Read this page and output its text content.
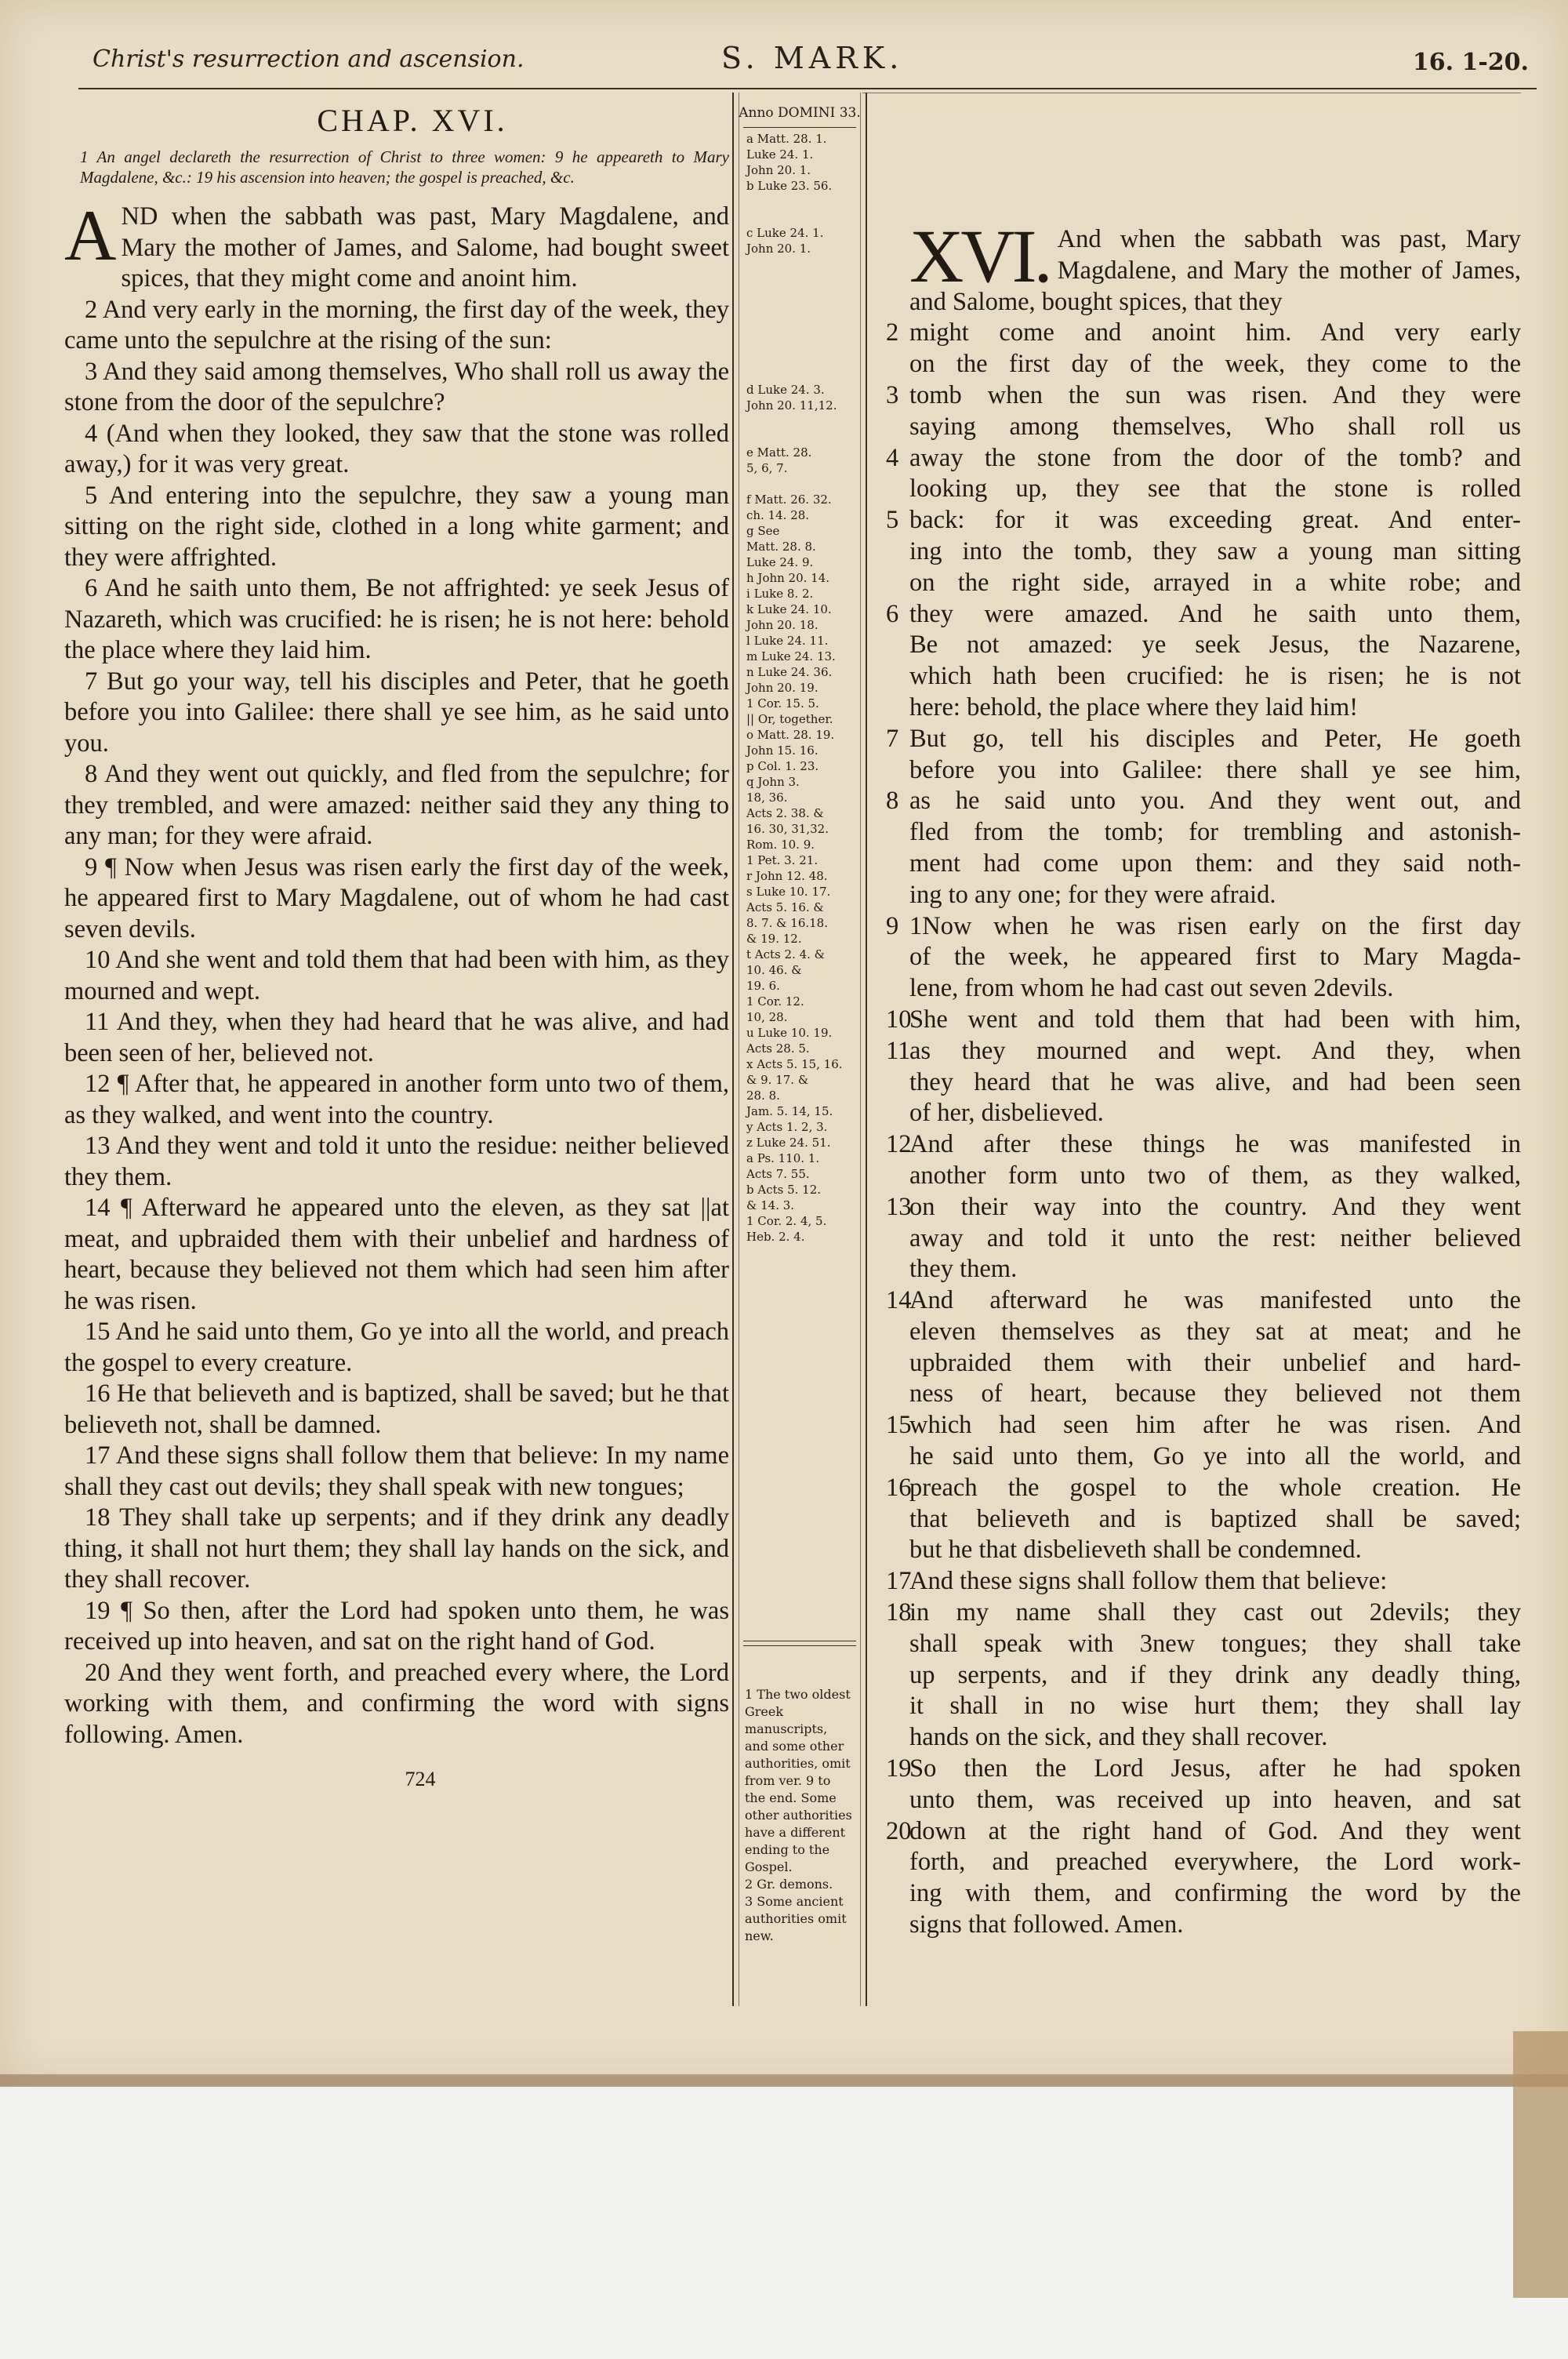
Christ's resurrection and ascension.	S. MARK.	16. 1-20.
CHAP. XVI.

1 An angel declareth the resurrection of Christ to three women: 9 he appeareth to Mary Magdalene, &c.: 19 his ascension into heaven; the gospel is preached, &c.

AND when the sabbath was past, Mary Magdalene, and Mary the mother of James, and Salome, had bought sweet spices, that they might come and anoint him.

2 And very early in the morning, the first day of the week, they came unto the sepulchre at the rising of the sun:

3 And they said among themselves, Who shall roll us away the stone from the door of the sepulchre?

4 (And when they looked, they saw that the stone was rolled away,) for it was very great.

5 And entering into the sepulchre, they saw a young man sitting on the right side, clothed in a long white garment; and they were affrighted.

6 And he saith unto them, Be not affrighted: ye seek Jesus of Nazareth, which was crucified: he is risen; he is not here: behold the place where they laid him.

7 But go your way, tell his disciples and Peter, that he goeth before you into Galilee: there shall ye see him, as he said unto you.

8 And they went out quickly, and fled from the sepulchre; for they trembled, and were amazed: neither said they any thing to any man; for they were afraid.

9 ¶ Now when Jesus was risen early the first day of the week, he appeared first to Mary Magdalene, out of whom he had cast seven devils.

10 And she went and told them that had been with him, as they mourned and wept.

11 And they, when they had heard that he was alive, and had been seen of her, believed not.

12 ¶ After that, he appeared in another form unto two of them, as they walked, and went into the country.

13 And they went and told it unto the residue: neither believed they them.

14 ¶ Afterward he appeared unto the eleven, as they sat ||at meat, and upbraided them with their unbelief and hardness of heart, because they believed not them which had seen him after he was risen.

15 And he said unto them, Go ye into all the world, and preach the gospel to every creature.

16 He that believeth and is baptized, shall be saved; but he that believeth not, shall be damned.

17 And these signs shall follow them that believe: In my name shall they cast out devils; they shall speak with new tongues;

18 They shall take up serpents; and if they drink any deadly thing, it shall not hurt them; they shall lay hands on the sick, and they shall recover.

19 ¶ So then, after the Lord had spoken unto them, he was received up into heaven, and sat on the right hand of God.

20 And they went forth, and preached every where, the Lord working with them, and confirming the word with signs following. Amen.

724
Anno DOMINI 33.
a Matt. 28. 1.
Luke 24. 1.
John 20. 1.
b Luke 23. 56.

c Luke 24. 1.
John 20. 1.

d Luke 24. 3.
John 20. 11,12.

e Matt. 28.
5, 6, 7.

f Matt. 26. 32.
ch. 14. 28.
g See
Matt. 28. 8.
Luke 24. 9.
h John 20. 14.
i Luke 8. 2.
k Luke 24. 10.
John 20. 18.
l Luke 24. 11.
m Luke 24. 13.
n Luke 24. 36.
John 20. 19.
1 Cor. 15. 5.
|| Or, together.
o Matt. 28. 19.
John 15. 16.
p Col. 1. 23.
q John 3.
18, 36.
Acts 2. 38. &
16. 30, 31,32.
Rom. 10. 9.
1 Pet. 3. 21.
r John 12. 48.
s Luke 10. 17.
Acts 5. 16. &
8. 7. & 16.18.
& 19. 12.
t Acts 2. 4. &
10. 46. &
19. 6.
1 Cor. 12.
10, 28.
u Luke 10. 19.
Acts 28. 5.
x Acts 5. 15, 16.
& 9. 17. &
28. 8.
Jam. 5. 14, 15.
y Acts 1. 2, 3.
z Luke 24. 51.
a Ps. 110. 1.
Acts 7. 55.
b Acts 5. 12.
& 14. 3.
1 Cor. 2. 4, 5.
Heb. 2. 4.
1 The two oldest Greek manuscripts, and some other authorities, omit from ver. 9 to the end. Some other authorities have a different ending to the Gospel.
2 Gr. demons.
3 Some ancient authorities omit new.

XVI. And when the sabbath was past, Mary Magdalene, and Mary the mother of James, and Salome, bought spices, that they

2 might come and anoint him. And very early
on the first day of the week, they come to the
3 tomb when the sun was risen. And they were
saying among themselves, Who shall roll us
4 away the stone from the door of the tomb? and
looking up, they see that the stone is rolled
5 back: for it was exceeding great. And enter-
ing into the tomb, they saw a young man sitting
on the right side, arrayed in a white robe; and
6 they were amazed. And he saith unto them,
Be not amazed: ye seek Jesus, the Nazarene,
which hath been crucified: he is risen; he is not
here: behold, the place where they laid him!
7 But go, tell his disciples and Peter, He goeth
before you into Galilee: there shall ye see him,
8 as he said unto you. And they went out, and
fled from the tomb; for trembling and astonish-
ment had come upon them: and they said noth-
ing to any one; for they were afraid.
9 1Now when he was risen early on the first day
of the week, he appeared first to Mary Magda-
lene, from whom he had cast out seven 2devils.
10
She went and told them that had been with him,
11
as they mourned and wept. And they, when
they heard that he was alive, and had been seen
of her, disbelieved.
12
And after these things he was manifested in
another form unto two of them, as they walked,
13
on their way into the country. And they went
away and told it unto the rest: neither believed
they them.
14
And afterward he was manifested unto the
eleven themselves as they sat at meat; and he
upbraided them with their unbelief and hard-
ness of heart, because they believed not them
15
which had seen him after he was risen. And
he said unto them, Go ye into all the world, and
16
preach the gospel to the whole creation. He
that believeth and is baptized shall be saved;
but he that disbelieveth shall be condemned.
17
And these signs shall follow them that believe:
18
in my name shall they cast out 2devils; they
shall speak with 3new tongues; they shall take
up serpents, and if they drink any deadly thing,
it shall in no wise hurt them; they shall lay
hands on the sick, and they shall recover.
19
So then the Lord Jesus, after he had spoken
unto them, was received up into heaven, and sat
20
down at the right hand of God. And they went
forth, and preached everywhere, the Lord work-
ing with them, and confirming the word by the
signs that followed. Amen.
